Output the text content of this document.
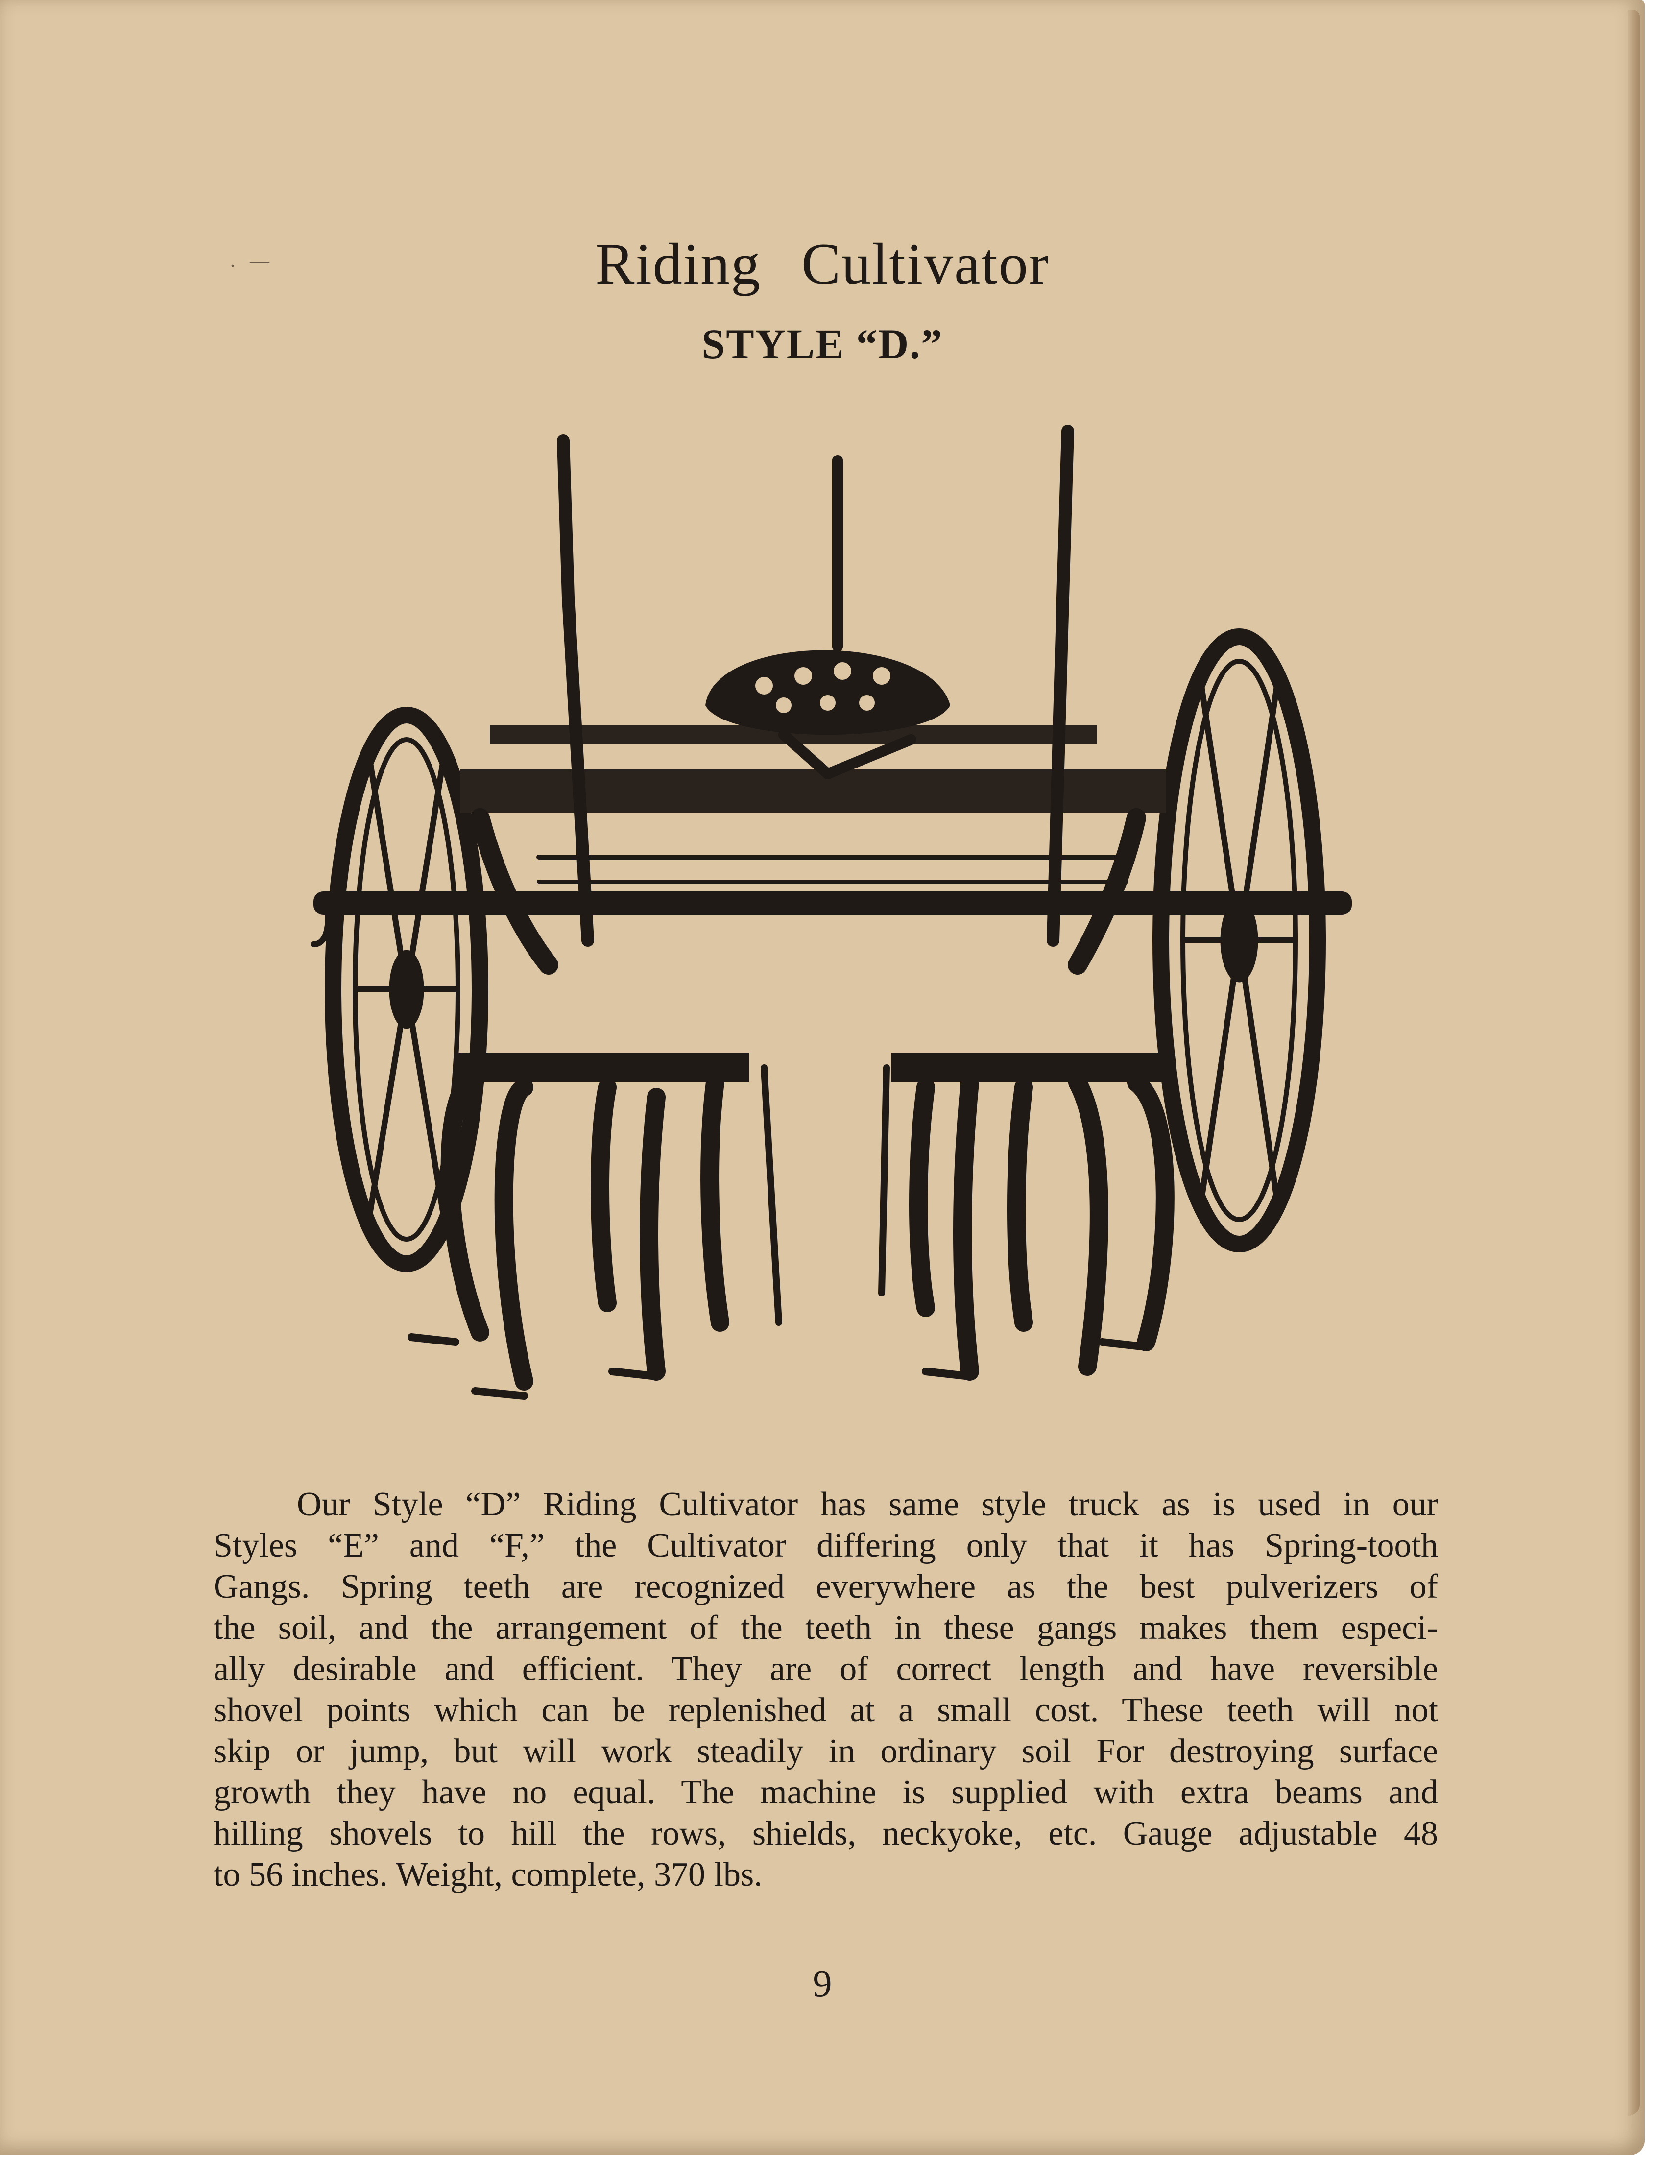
.   —	Riding Cultivator
STYLE “D.”
Our Style “D” Riding Cultivator has same style truck as is used in our
Styles “E” and “F,” the Cultivator differing only that it has Spring-tooth
Gangs. Spring teeth are recognized everywhere as the best pulverizers of
the soil, and the arrangement of the teeth in these gangs makes them especi-
ally desirable and efficient. They are of correct length and have reversible
shovel points which can be replenished at a small cost. These teeth will not
skip or jump, but will work steadily in ordinary soil For destroying surface
growth they have no equal. The machine is supplied with extra beams and
hilling shovels to hill the rows, shields, neckyoke, etc. Gauge adjustable 48
to 56 inches. Weight, complete, 370 lbs.
9
